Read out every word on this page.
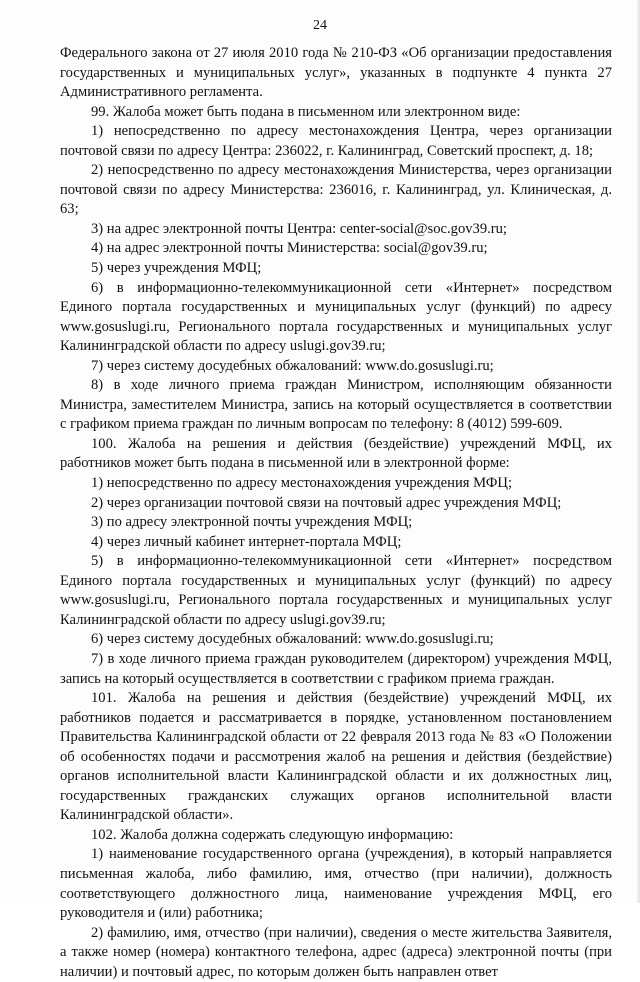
24

Федерального закона от 27 июля 2010 года № 210-ФЗ «Об организации предоставления государственных и муниципальных услуг», указанных в подпункте 4 пункта 27 Административного регламента.

99. Жалоба может быть подана в письменном или электронном виде:

1) непосредственно по адресу местонахождения Центра, через организации почтовой связи по адресу Центра: 236022, г. Калининград, Советский проспект, д. 18;

2) непосредственно по адресу местонахождения Министерства, через организации почтовой связи по адресу Министерства: 236016, г. Калининград, ул. Клиническая, д. 63;

3) на адрес электронной почты Центра: center-social@soc.gov39.ru;

4) на адрес электронной почты Министерства: social@gov39.ru;

5) через учреждения МФЦ;

6) в информационно-телекоммуникационной сети «Интернет» посредством Единого портала государственных и муниципальных услуг (функций) по адресу www.gosuslugi.ru, Регионального портала государственных и муниципальных услуг Калининградской области по адресу uslugi.gov39.ru;

7) через систему досудебных обжалований: www.do.gosuslugi.ru;

8) в ходе личного приема граждан Министром, исполняющим обязанности Министра, заместителем Министра, запись на который осуществляется в соответствии с графиком приема граждан по личным вопросам по телефону: 8 (4012) 599-609.

100. Жалоба на решения и действия (бездействие) учреждений МФЦ, их работников может быть подана в письменной или в электронной форме:

1) непосредственно по адресу местонахождения учреждения МФЦ;

2) через организации почтовой связи на почтовый адрес учреждения МФЦ;

3) по адресу электронной почты учреждения МФЦ;

4) через личный кабинет интернет-портала МФЦ;

5) в информационно-телекоммуникационной сети «Интернет» посредством Единого портала государственных и муниципальных услуг (функций) по адресу www.gosuslugi.ru, Регионального портала государственных и муниципальных услуг Калининградской области по адресу uslugi.gov39.ru;

6) через систему досудебных обжалований: www.do.gosuslugi.ru;

7) в ходе личного приема граждан руководителем (директором) учреждения МФЦ, запись на который осуществляется в соответствии с графиком приема граждан.

101. Жалоба на решения и действия (бездействие) учреждений МФЦ, их работников подается и рассматривается в порядке, установленном постановлением Правительства Калининградской области от 22 февраля 2013 года № 83 «О Положении об особенностях подачи и рассмотрения жалоб на решения и действия (бездействие) органов исполнительной власти Калининградской области и их должностных лиц, государственных гражданских служащих органов исполнительной власти Калининградской области».

102. Жалоба должна содержать следующую информацию:

1) наименование государственного органа (учреждения), в который направляется письменная жалоба, либо фамилию, имя, отчество (при наличии), должность соответствующего должностного лица, наименование учреждения МФЦ, его руководителя и (или) работника;

2) фамилию, имя, отчество (при наличии), сведения о месте жительства Заявителя, а также номер (номера) контактного телефона, адрес (адреса) электронной почты (при наличии) и почтовый адрес, по которым должен быть направлен ответ
